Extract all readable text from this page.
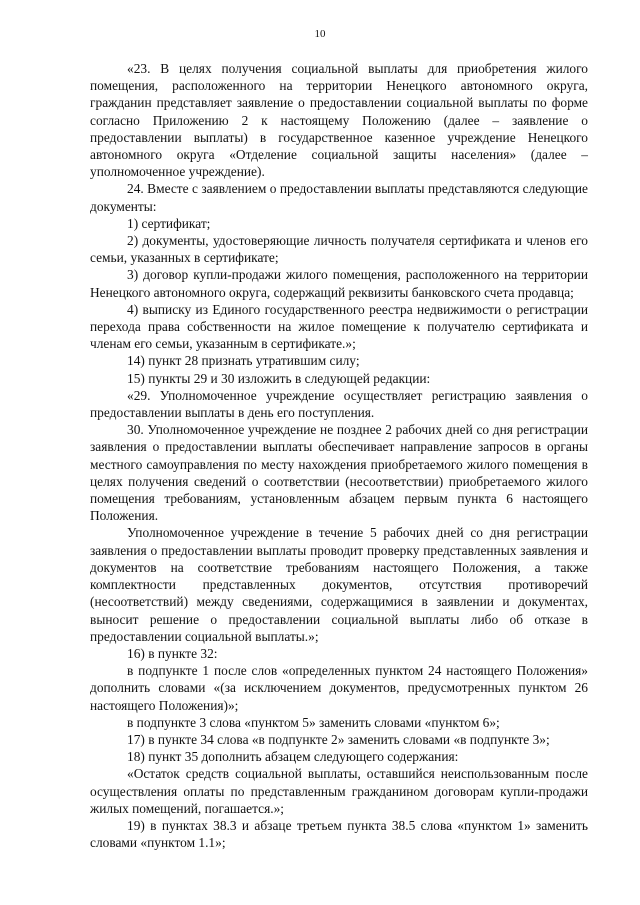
10

«23. В целях получения социальной выплаты для приобретения жилого помещения, расположенного на территории Ненецкого автономного округа, гражданин представляет заявление о предоставлении социальной выплаты по форме согласно Приложению 2 к настоящему Положению (далее – заявление о предоставлении выплаты) в государственное казенное учреждение Ненецкого автономного округа «Отделение социальной защиты населения» (далее – уполномоченное учреждение).

24. Вместе с заявлением о предоставлении выплаты представляются следующие документы:

1) сертификат;

2) документы, удостоверяющие личность получателя сертификата и членов его семьи, указанных в сертификате;

3) договор купли-продажи жилого помещения, расположенного на территории Ненецкого автономного округа, содержащий реквизиты банковского счета продавца;

4) выписку из Единого государственного реестра недвижимости о регистрации перехода права собственности на жилое помещение к получателю сертификата и членам его семьи, указанным в сертификате.»;

14) пункт 28 признать утратившим силу;

15) пункты 29 и 30 изложить в следующей редакции:

«29. Уполномоченное учреждение осуществляет регистрацию заявления о предоставлении выплаты в день его поступления.

30. Уполномоченное учреждение не позднее 2 рабочих дней со дня регистрации заявления о предоставлении выплаты обеспечивает направление запросов в органы местного самоуправления по месту нахождения приобретаемого жилого помещения в целях получения сведений о соответствии (несоответствии) приобретаемого жилого помещения требованиям, установленным абзацем первым пункта 6 настоящего Положения.

Уполномоченное учреждение в течение 5 рабочих дней со дня регистрации заявления о предоставлении выплаты проводит проверку представленных заявления и документов на соответствие требованиям настоящего Положения, а также комплектности представленных документов, отсутствия противоречий (несоответствий) между сведениями, содержащимися в заявлении и документах, выносит решение о предоставлении социальной выплаты либо об отказе в предоставлении социальной выплаты.»;

16) в пункте 32:

в подпункте 1 после слов «определенных пунктом 24 настоящего Положения» дополнить словами «(за исключением документов, предусмотренных пунктом 26 настоящего Положения)»;

в подпункте 3 слова «пунктом 5» заменить словами «пунктом 6»;

17) в пункте 34 слова «в подпункте 2» заменить словами «в подпункте 3»;

18) пункт 35 дополнить абзацем следующего содержания:

«Остаток средств социальной выплаты, оставшийся неиспользованным после осуществления оплаты по представленным гражданином договорам купли-продажи жилых помещений, погашается.»;

19) в пунктах 38.3 и абзаце третьем пункта 38.5 слова «пунктом 1» заменить словами «пунктом 1.1»;
